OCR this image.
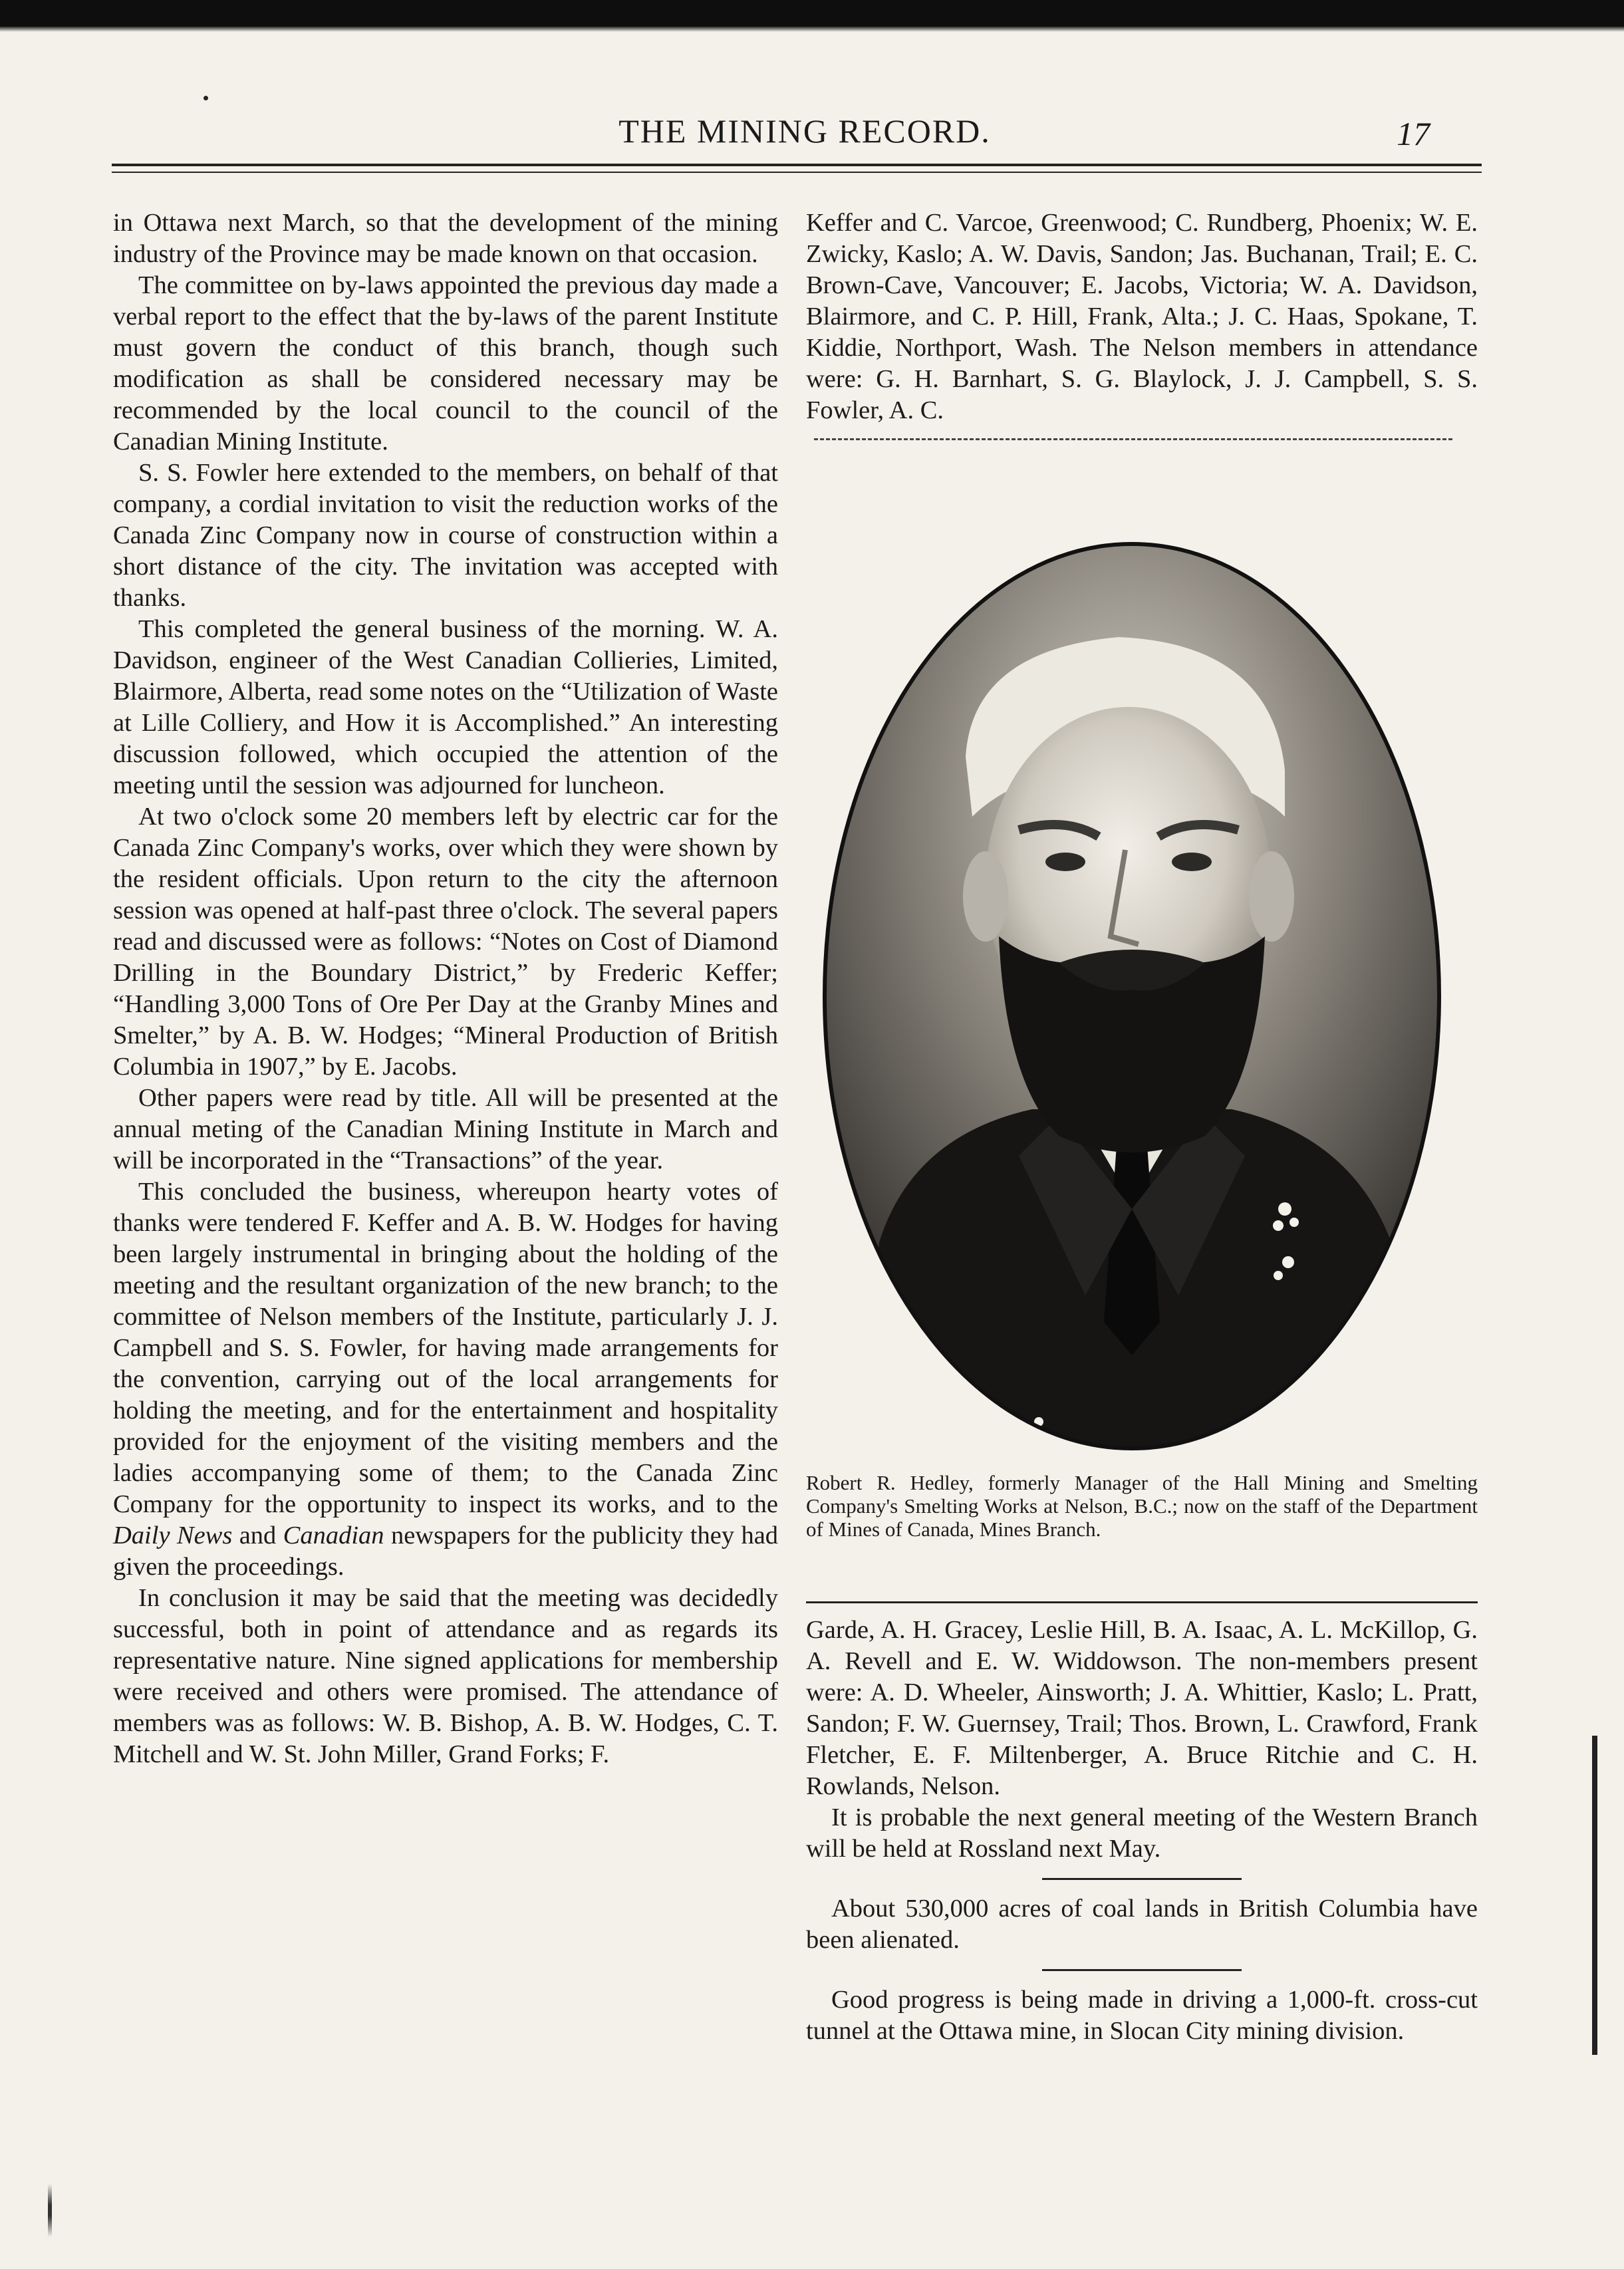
THE MINING RECORD.	17

in Ottawa next March, so that the development of the mining industry of the Province may be made known on that occasion.

The committee on by-laws appointed the previous day made a verbal report to the effect that the by-laws of the parent Institute must govern the conduct of this branch, though such modification as shall be considered necessary may be recommended by the local council to the council of the Canadian Mining Institute.

S. S. Fowler here extended to the members, on behalf of that company, a cordial invitation to visit the reduction works of the Canada Zinc Company now in course of construction within a short distance of the city. The invitation was accepted with thanks.

This completed the general business of the morning. W. A. Davidson, engineer of the West Canadian Collieries, Limited, Blairmore, Alberta, read some notes on the “Utilization of Waste at Lille Colliery, and How it is Accomplished.” An interesting discussion followed, which occupied the attention of the meeting until the session was adjourned for luncheon.

At two o'clock some 20 members left by electric car for the Canada Zinc Company's works, over which they were shown by the resident officials. Upon return to the city the afternoon session was opened at half-past three o'clock. The several papers read and discussed were as follows: “Notes on Cost of Diamond Drilling in the Boundary District,” by Frederic Keffer; “Handling 3,000 Tons of Ore Per Day at the Granby Mines and Smelter,” by A. B. W. Hodges; “Mineral Production of British Columbia in 1907,” by E. Jacobs.

Other papers were read by title. All will be presented at the annual meting of the Canadian Mining Institute in March and will be incorporated in the “Transactions” of the year.

This concluded the business, whereupon hearty votes of thanks were tendered F. Keffer and A. B. W. Hodges for having been largely instrumental in bringing about the holding of the meeting and the resultant organization of the new branch; to the committee of Nelson members of the Institute, particularly J. J. Campbell and S. S. Fowler, for having made arrangements for the convention, carrying out of the local arrangements for holding the meeting, and for the entertainment and hospitality provided for the enjoyment of the visiting members and the ladies accompanying some of them; to the Canada Zinc Company for the opportunity to inspect its works, and to the Daily News and Canadian newspapers for the publicity they had given the proceedings.

In conclusion it may be said that the meeting was decidedly successful, both in point of attendance and as regards its representative nature. Nine signed applications for membership were received and others were promised. The attendance of members was as follows: W. B. Bishop, A. B. W. Hodges, C. T. Mitchell and W. St. John Miller, Grand Forks; F.

Keffer and C. Varcoe, Greenwood; C. Rundberg, Phoenix; W. E. Zwicky, Kaslo; A. W. Davis, Sandon; Jas. Buchanan, Trail; E. C. Brown-Cave, Vancouver; E. Jacobs, Victoria; W. A. Davidson, Blairmore, and C. P. Hill, Frank, Alta.; J. C. Haas, Spokane, T. Kiddie, Northport, Wash. The Nelson members in attendance were: G. H. Barnhart, S. G. Blaylock, J. J. Campbell, S. S. Fowler, A. C.

Robert R. Hedley, formerly Manager of the Hall Mining and Smelting Company's Smelting Works at Nelson, B.C.; now on the staff of the Department of Mines of Canada, Mines Branch.

Garde, A. H. Gracey, Leslie Hill, B. A. Isaac, A. L. McKillop, G. A. Revell and E. W. Widdowson. The non-members present were: A. D. Wheeler, Ainsworth; J. A. Whittier, Kaslo; L. Pratt, Sandon; F. W. Guernsey, Trail; Thos. Brown, L. Crawford, Frank Fletcher, E. F. Miltenberger, A. Bruce Ritchie and C. H. Rowlands, Nelson.

It is probable the next general meeting of the Western Branch will be held at Rossland next May.

About 530,000 acres of coal lands in British Columbia have been alienated.

Good progress is being made in driving a 1,000-ft. cross-cut tunnel at the Ottawa mine, in Slocan City mining division.
